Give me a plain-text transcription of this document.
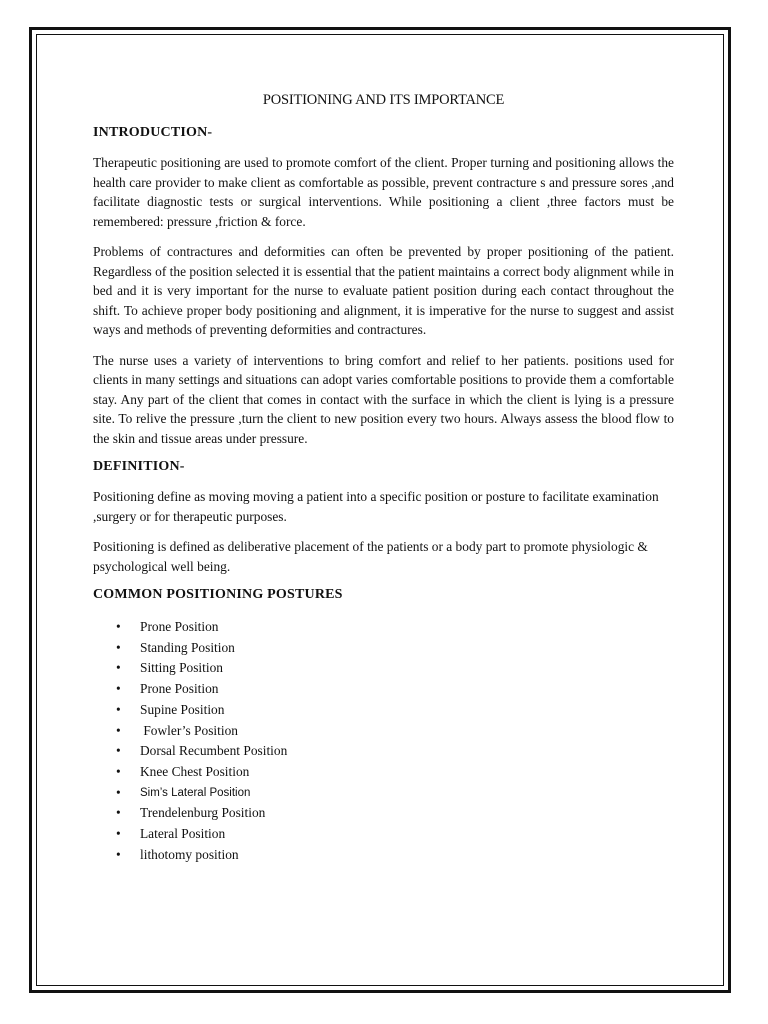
POSITIONING AND ITS IMPORTANCE
INTRODUCTION-

Therapeutic positioning are used to promote comfort of the client. Proper turning and positioning allows the health care provider to make client as comfortable as possible, prevent contracture s and pressure sores ,and facilitate diagnostic tests or surgical interventions. While positioning a client ,three factors must be remembered: pressure ,friction & force.

Problems of contractures and deformities can often be prevented by proper positioning of the patient. Regardless of the position selected it is essential that the patient maintains a correct body alignment while in bed and it is very important for the nurse to evaluate patient position during each contact throughout the shift. To achieve proper body positioning and alignment, it is imperative for the nurse to suggest and assist ways and methods of preventing deformities and contractures.

The nurse uses a variety of interventions to bring comfort and relief to her patients. positions used for clients in many settings and situations can adopt varies comfortable positions to provide them a comfortable stay. Any part of the client that comes in contact with the surface in which the client is lying is a pressure site. To relive the pressure ,turn the client to new position every two hours. Always assess the blood flow to the skin and tissue areas under pressure.

DEFINITION-

Positioning define as moving moving a patient into a specific position or posture to facilitate examination ,surgery or for therapeutic purposes.

Positioning is defined as deliberative placement of the patients or a body part to promote physiologic & psychological well being.

COMMON POSITIONING POSTURES
• Prone Position
• Standing Position
• Sitting Position
• Prone Position
• Supine Position
• Fowler’s Position
• Dorsal Recumbent Position
• Knee Chest Position
• Sim’s Lateral Position
• Trendelenburg Position
• Lateral Position
• lithotomy position
